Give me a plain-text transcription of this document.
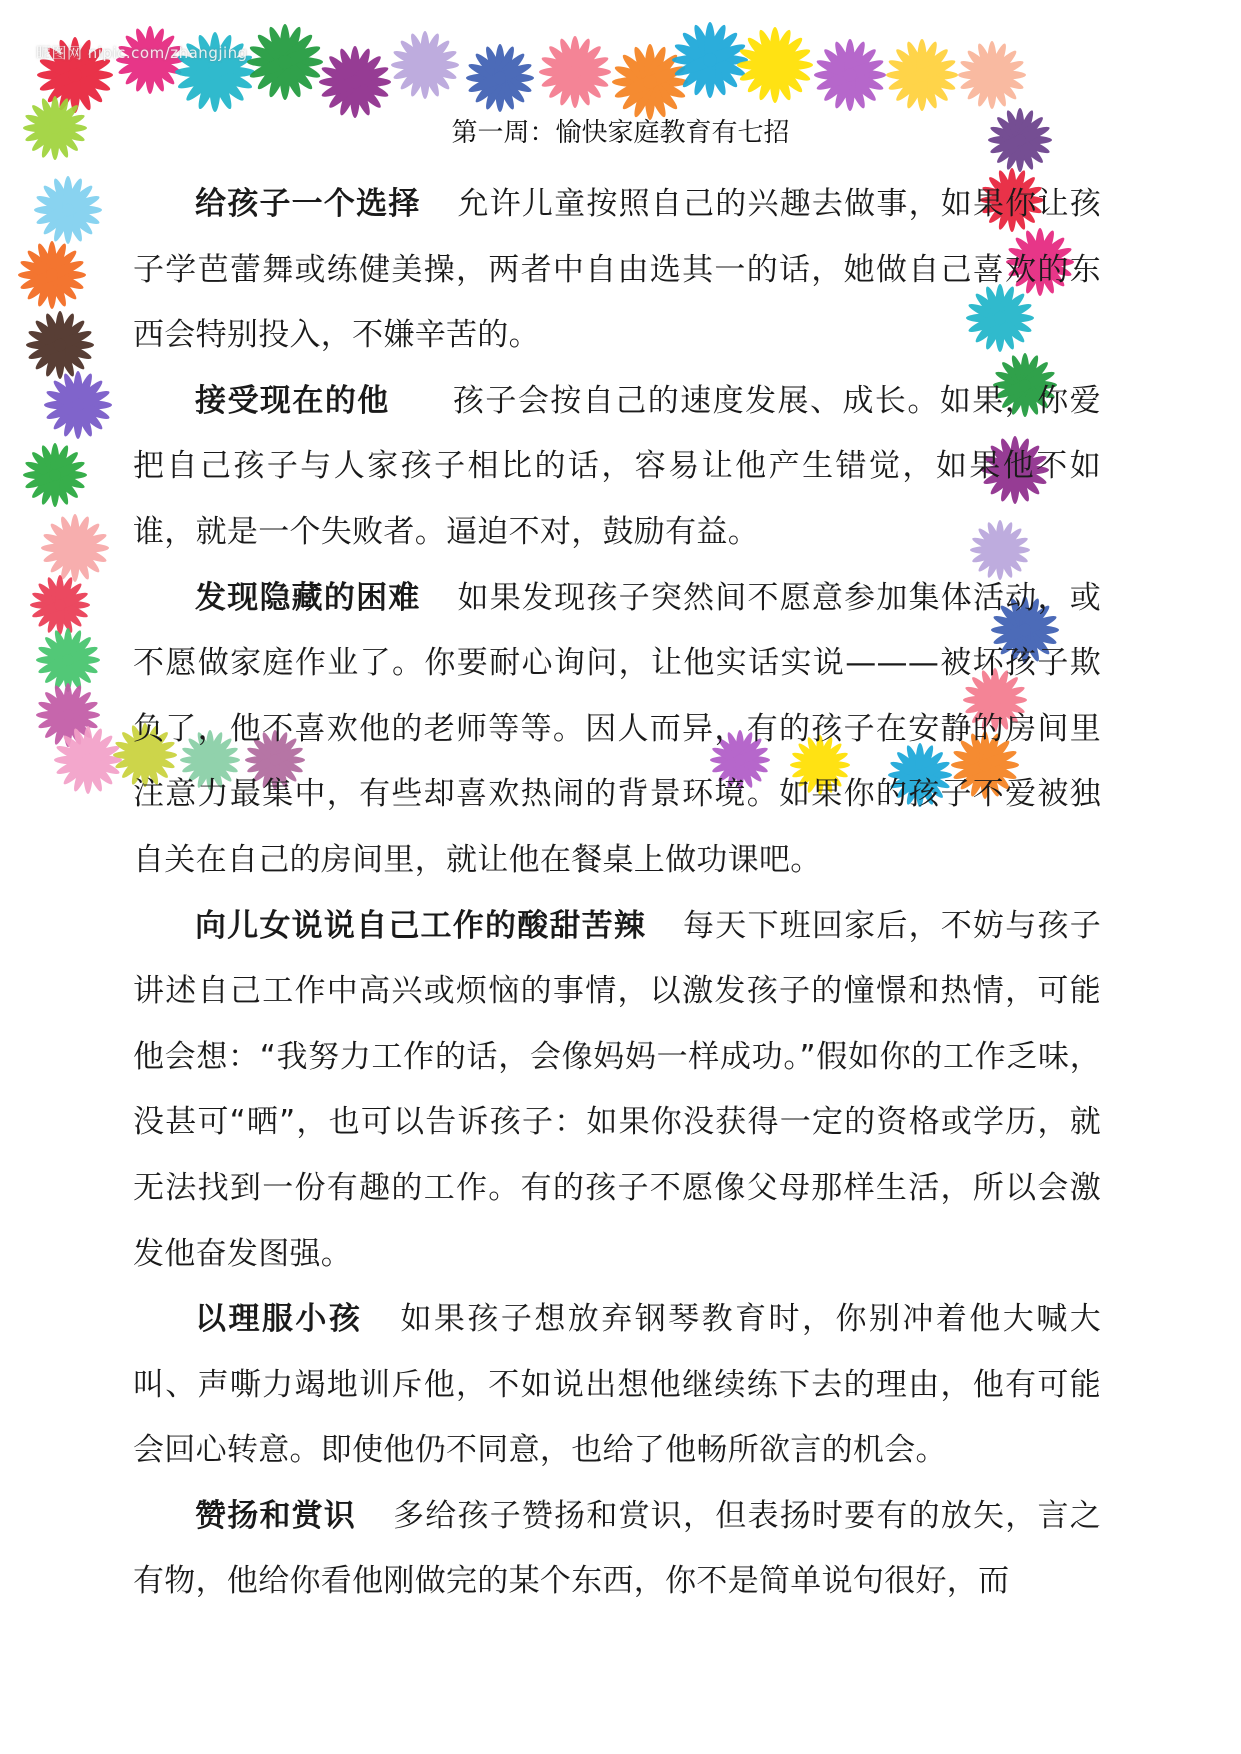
昵图网 nipic.com/zhangjing
第一周：愉快家庭教育有七招

给孩子一个选择 允许儿童按照自己的兴趣去做事，如果你让孩子学芭蕾舞或练健美操，两者中自由选其一的话，她做自己喜欢的东西会特别投入，不嫌辛苦的。

接受现在的他 孩子会按自己的速度发展、成长。如果，你爱把自己孩子与人家孩子相比的话，容易让他产生错觉，如果他不如谁，就是一个失败者。逼迫不对，鼓励有益。

发现隐藏的困难 如果发现孩子突然间不愿意参加集体活动，或不愿做家庭作业了。你要耐心询问，让他实话实说———被坏孩子欺负了，他不喜欢他的老师等等。因人而异，有的孩子在安静的房间里注意力最集中，有些却喜欢热闹的背景环境。如果你的孩子不爱被独自关在自己的房间里，就让他在餐桌上做功课吧。

向儿女说说自己工作的酸甜苦辣 每天下班回家后，不妨与孩子讲述自己工作中高兴或烦恼的事情，以激发孩子的憧憬和热情，可能他会想：“我努力工作的话，会像妈妈一样成功。”假如你的工作乏味，没甚可“晒”，也可以告诉孩子：如果你没获得一定的资格或学历，就无法找到一份有趣的工作。有的孩子不愿像父母那样生活，所以会激发他奋发图强。

以理服小孩 如果孩子想放弃钢琴教育时，你别冲着他大喊大叫、声嘶力竭地训斥他，不如说出想他继续练下去的理由，他有可能会回心转意。即使他仍不同意，也给了他畅所欲言的机会。

赞扬和赏识 多给孩子赞扬和赏识，但表扬时要有的放矢，言之有物，他给你看他刚做完的某个东西，你不是简单说句很好，而
